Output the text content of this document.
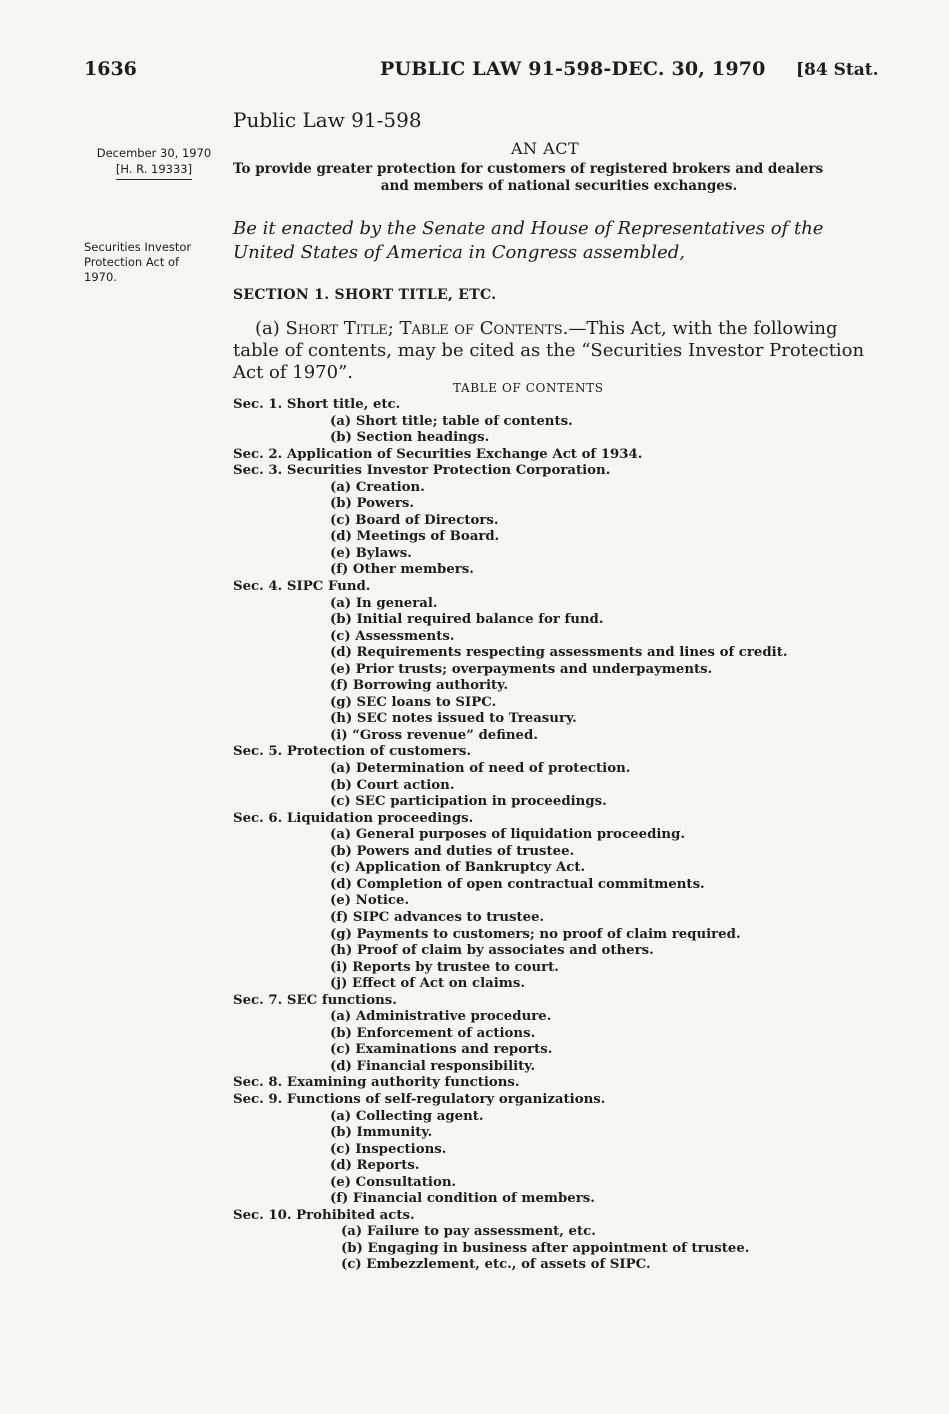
1636	PUBLIC LAW 91-598-DEC. 30, 1970 [84 Stat.
Public Law 91-598
December 30, 1970
[H. R. 19333]
AN ACT
To provide greater protection for customers of registered brokers and dealers
and members of national securities exchanges.
Be it enacted by the Senate and House of Representatives of the United States of America in Congress assembled,
Securities Investor Protection Act of 1970.
SECTION 1. SHORT TITLE, ETC.
(a) Short Title; Table of Contents.—This Act, with the following table of contents, may be cited as the “Securities Investor Protection Act of 1970”.
TABLE OF CONTENTS
Sec. 1. Short title, etc.
(a) Short title; table of contents.
(b) Section headings.
Sec. 2. Application of Securities Exchange Act of 1934.
Sec. 3. Securities Investor Protection Corporation.
(a) Creation.
(b) Powers.
(c) Board of Directors.
(d) Meetings of Board.
(e) Bylaws.
(f) Other members.
Sec. 4. SIPC Fund.
(a) In general.
(b) Initial required balance for fund.
(c) Assessments.
(d) Requirements respecting assessments and lines of credit.
(e) Prior trusts; overpayments and underpayments.
(f) Borrowing authority.
(g) SEC loans to SIPC.
(h) SEC notes issued to Treasury.
(i) “Gross revenue” defined.
Sec. 5. Protection of customers.
(a) Determination of need of protection.
(b) Court action.
(c) SEC participation in proceedings.
Sec. 6. Liquidation proceedings.
(a) General purposes of liquidation proceeding.
(b) Powers and duties of trustee.
(c) Application of Bankruptcy Act.
(d) Completion of open contractual commitments.
(e) Notice.
(f) SIPC advances to trustee.
(g) Payments to customers; no proof of claim required.
(h) Proof of claim by associates and others.
(i) Reports by trustee to court.
(j) Effect of Act on claims.
Sec. 7. SEC functions.
(a) Administrative procedure.
(b) Enforcement of actions.
(c) Examinations and reports.
(d) Financial responsibility.
Sec. 8. Examining authority functions.
Sec. 9. Functions of self-regulatory organizations.
(a) Collecting agent.
(b) Immunity.
(c) Inspections.
(d) Reports.
(e) Consultation.
(f) Financial condition of members.
Sec. 10. Prohibited acts.
(a) Failure to pay assessment, etc.
(b) Engaging in business after appointment of trustee.
(c) Embezzlement, etc., of assets of SIPC.
